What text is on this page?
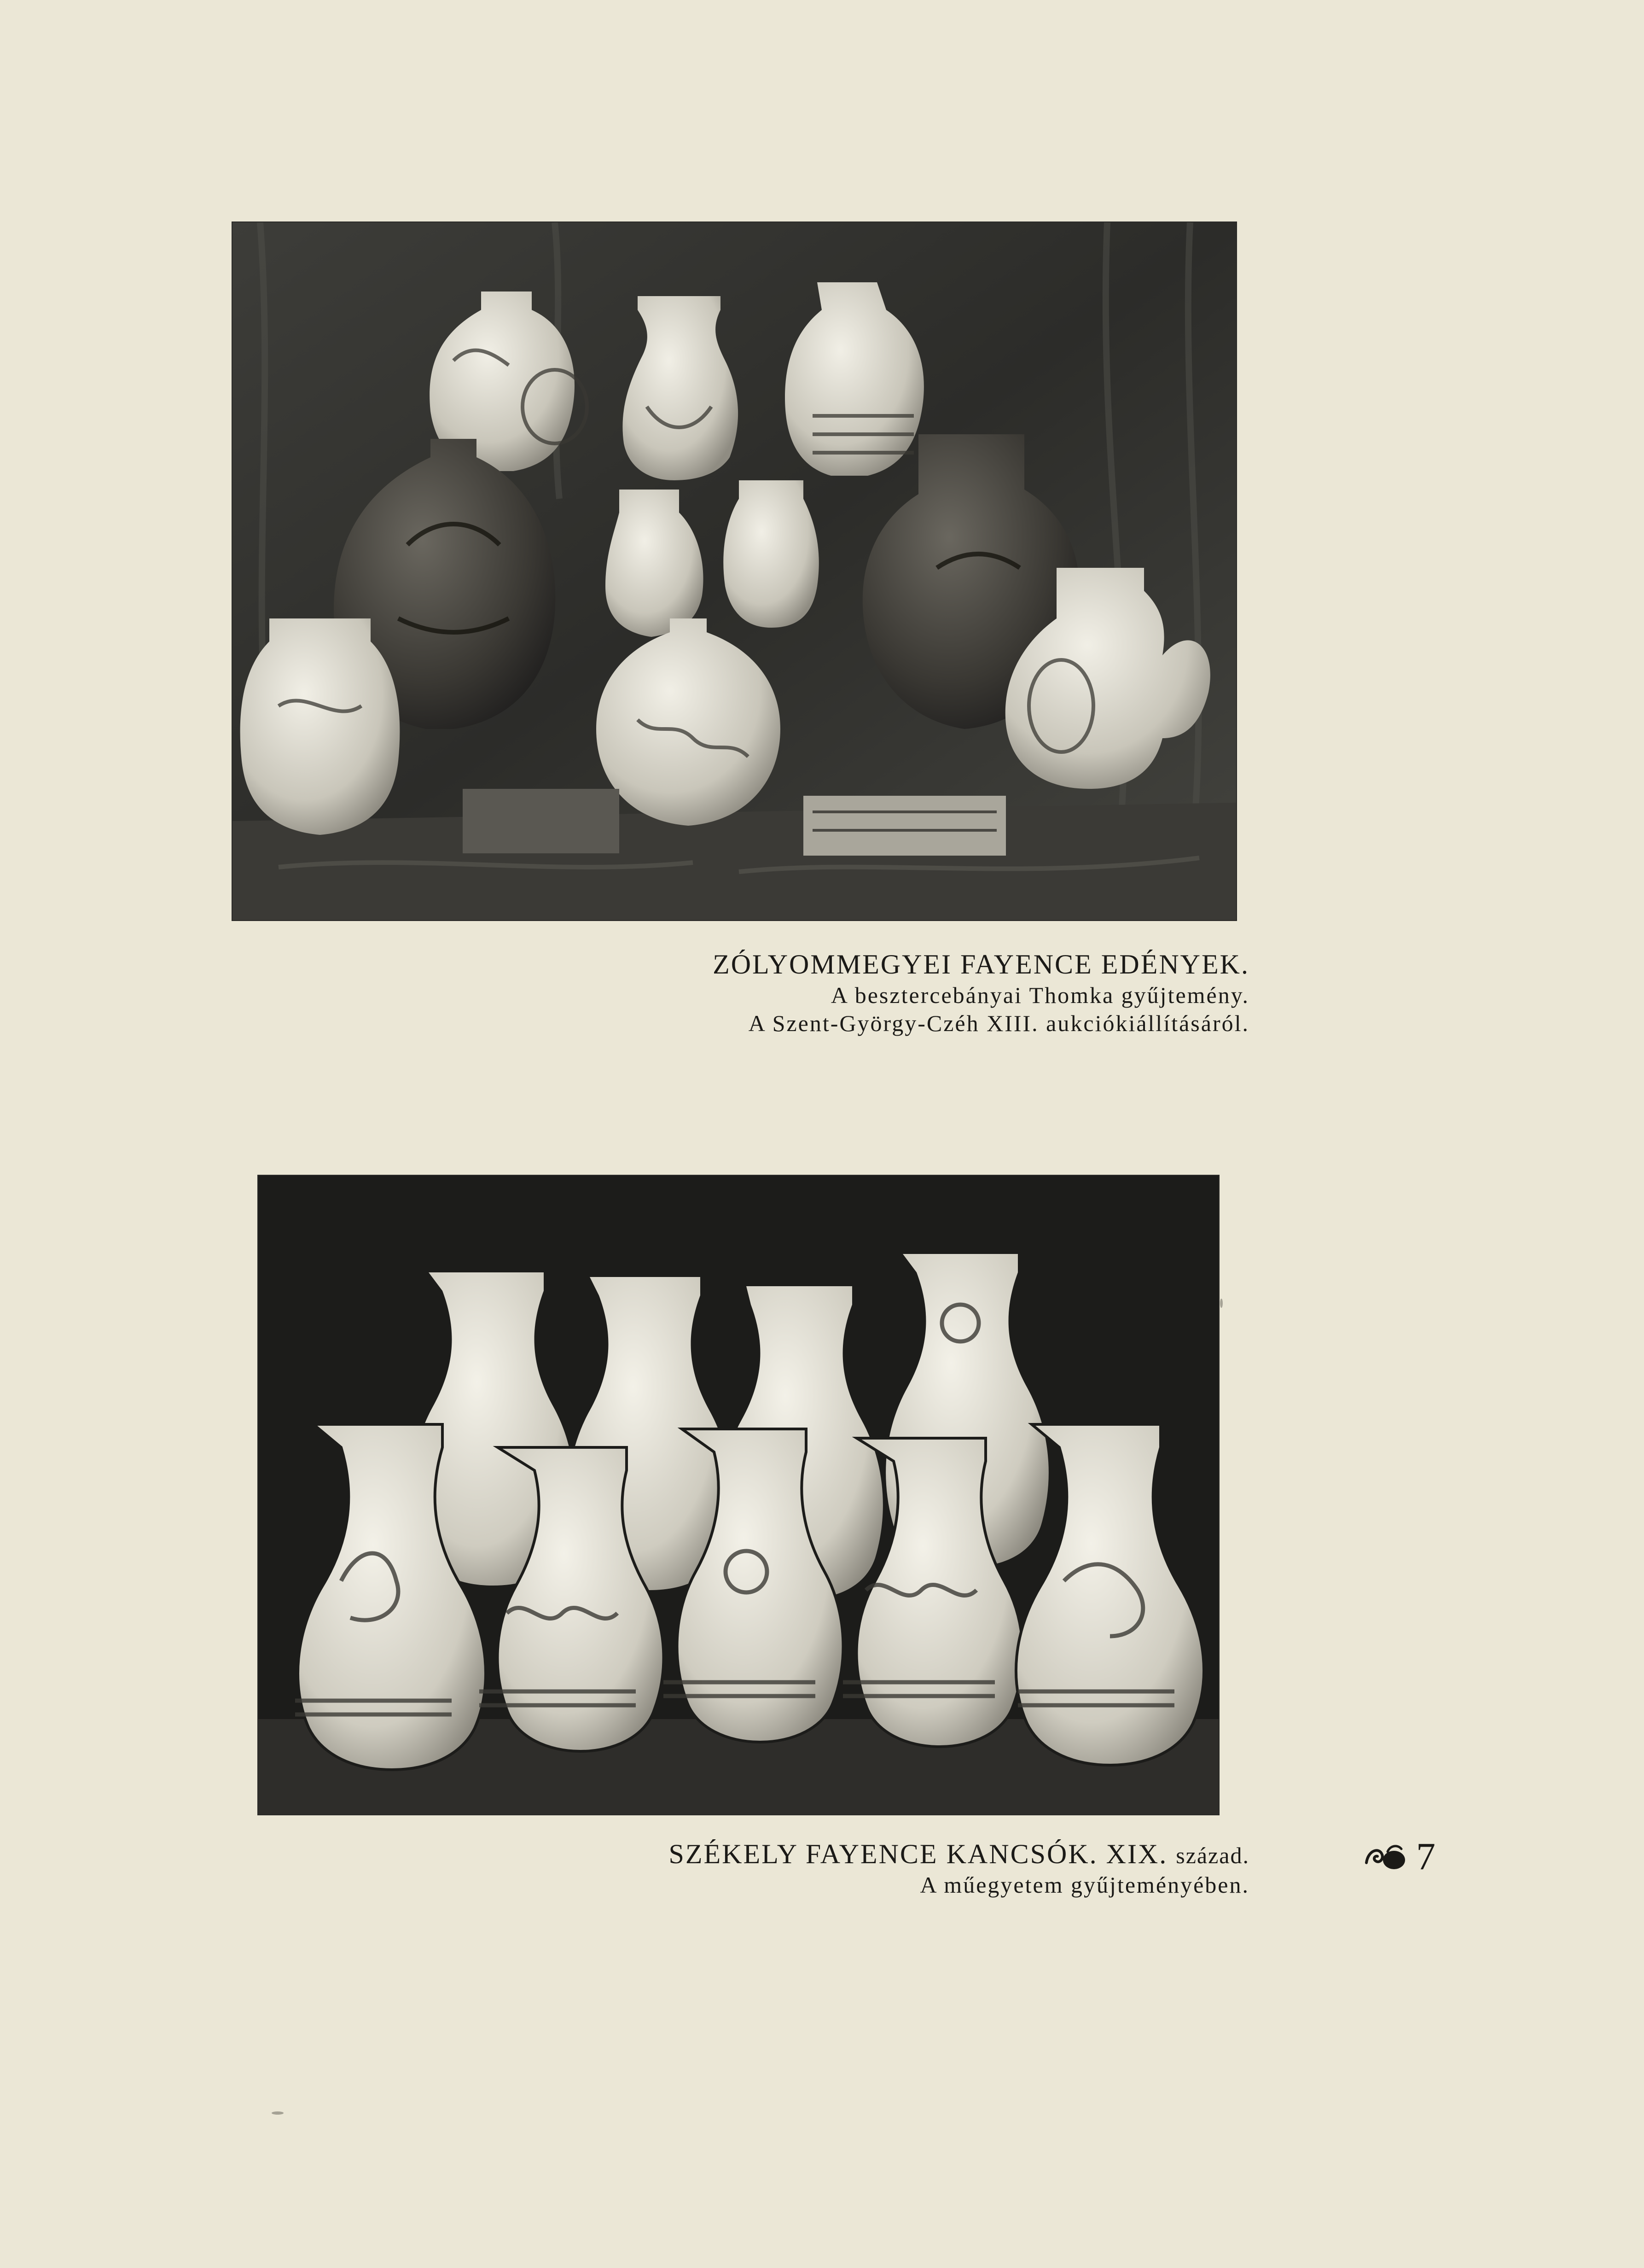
ZÓLYOMMEGYEI FAYENCE EDÉNYEK.
A besztercebányai Thomka gyűjtemény.
A Szent-György-Czéh XIII. aukciókiállításáról.
SZÉKELY FAYENCE KANCSÓK. XIX. század.
A műegyetem gyűjteményében.
7
